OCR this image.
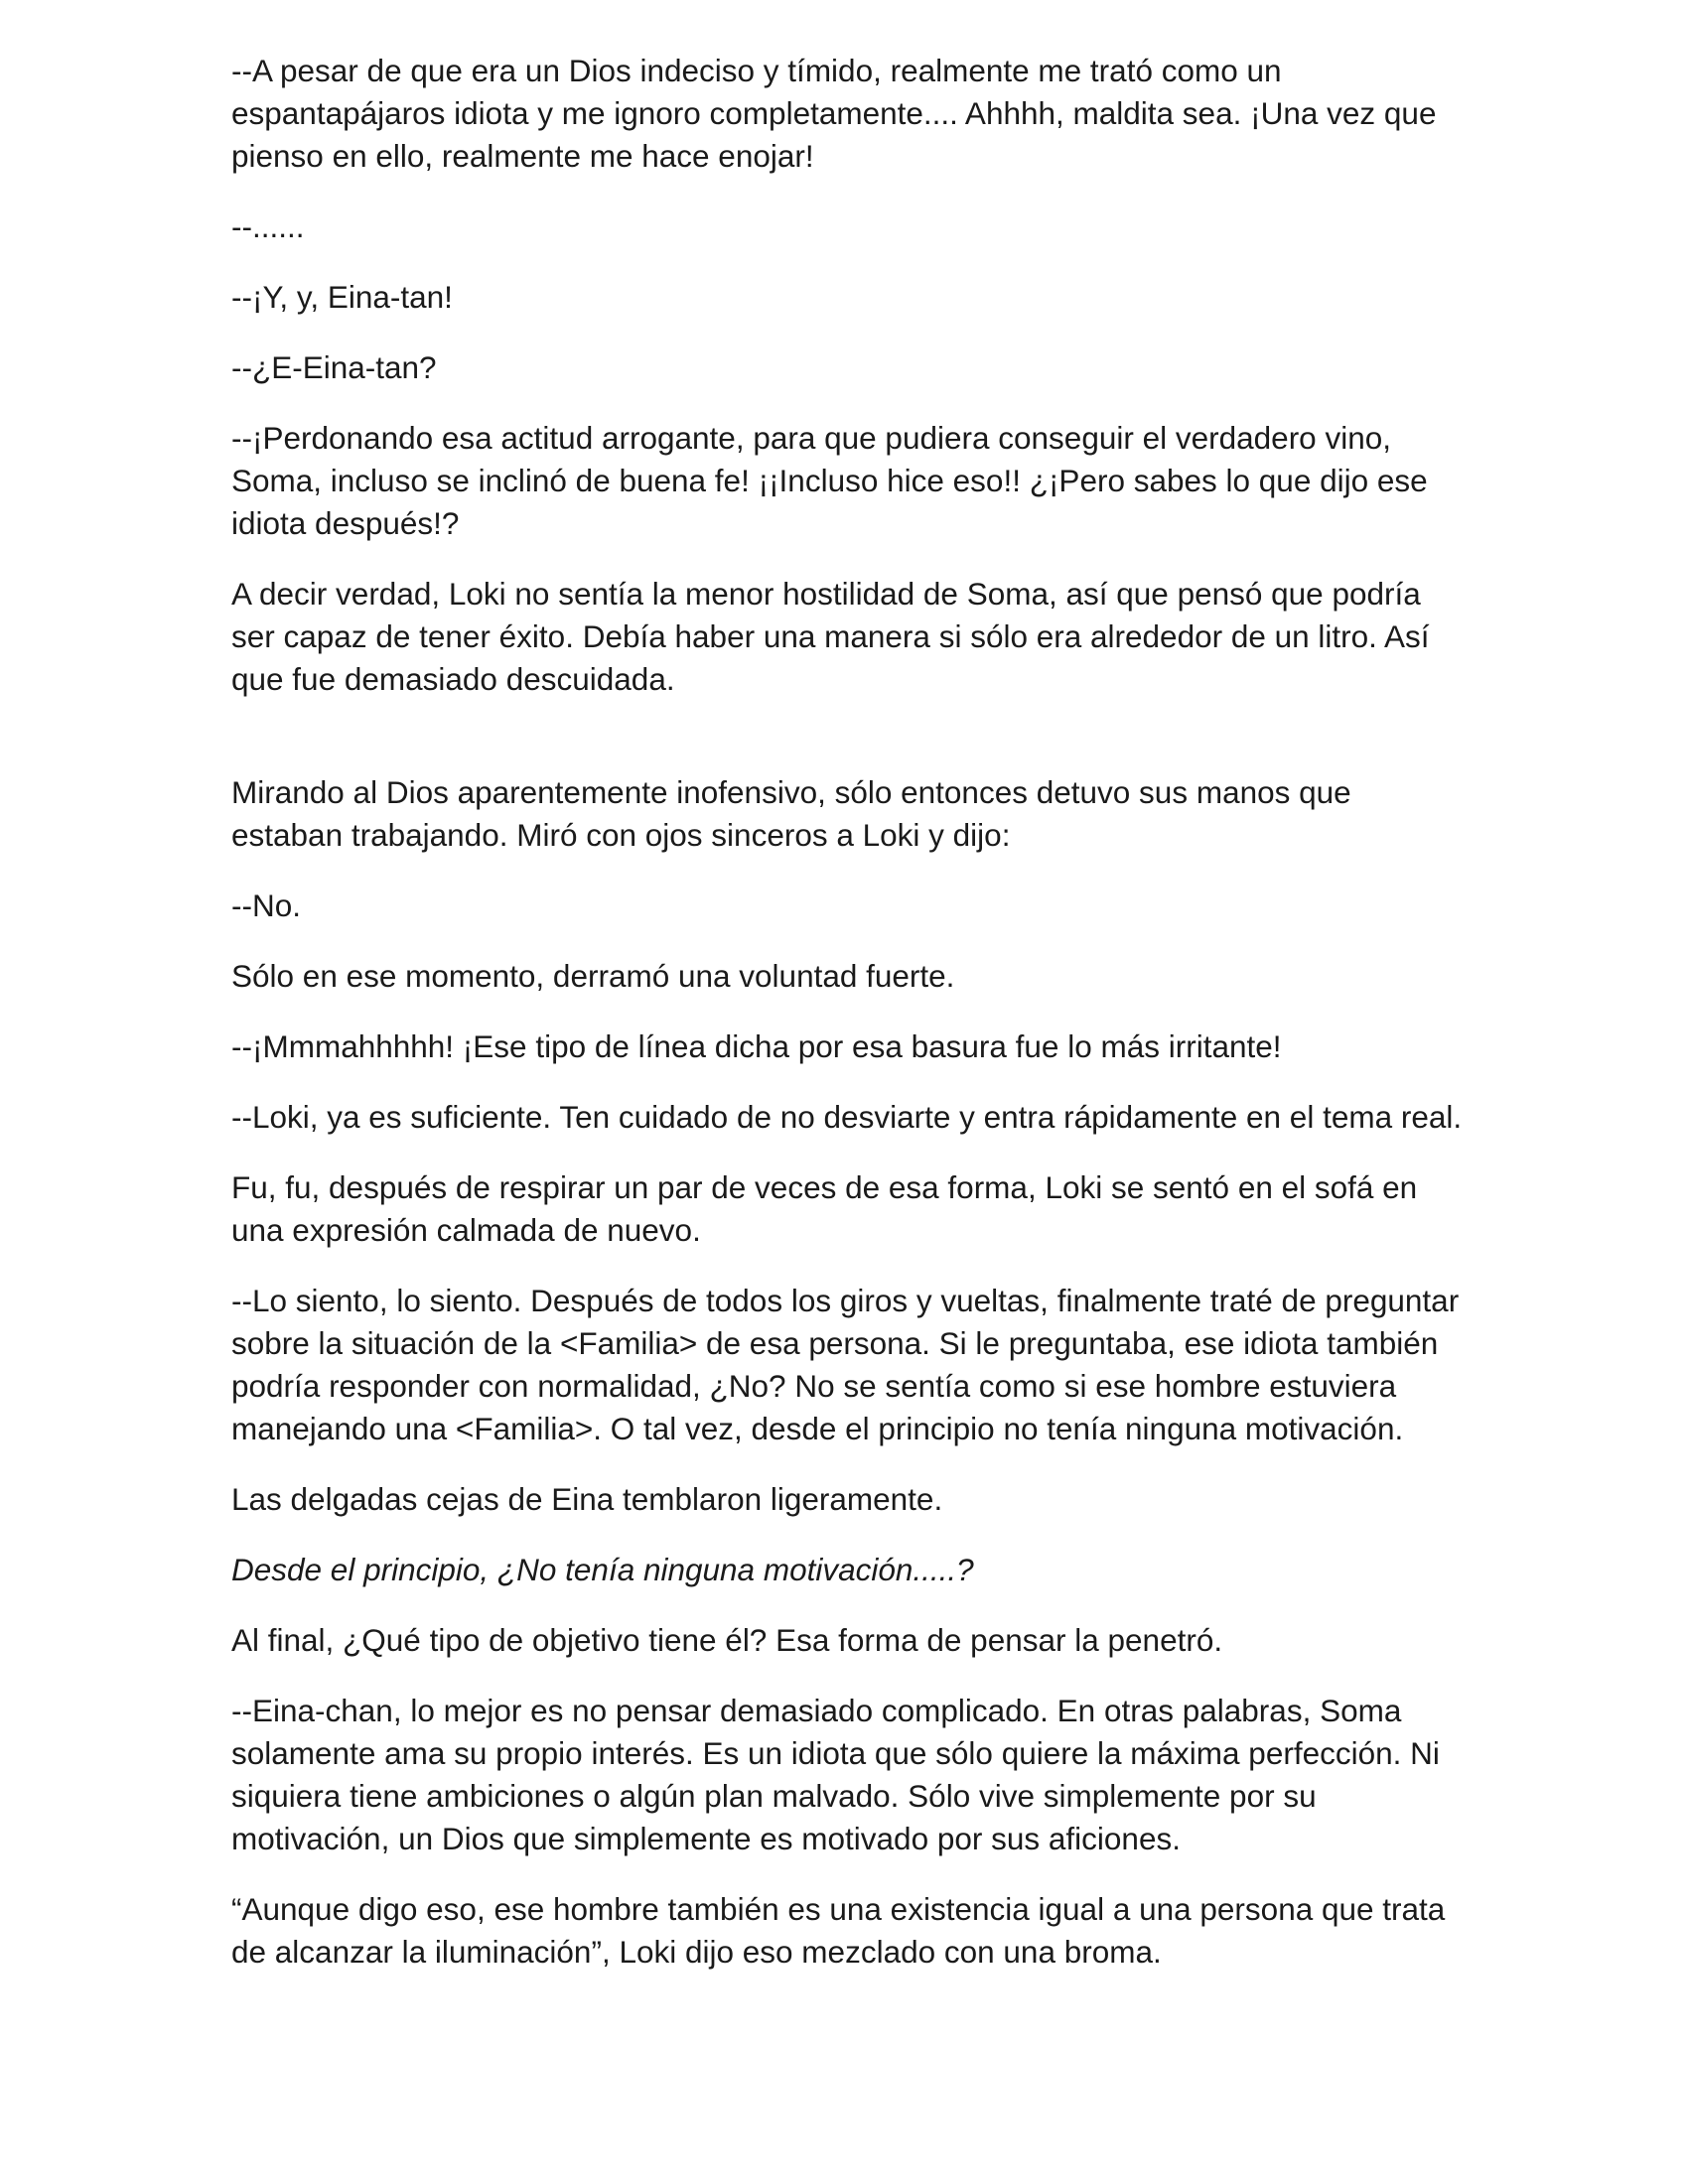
--A pesar de que era un Dios indeciso y tímido, realmente me trató como un espantapájaros idiota y me ignoro completamente.... Ahhhh, maldita sea. ¡Una vez que pienso en ello, realmente me hace enojar!

--......

--¡Y, y, Eina-tan!

--¿E-Eina-tan?

--¡Perdonando esa actitud arrogante, para que pudiera conseguir el verdadero vino, Soma, incluso se inclinó de buena fe! ¡¡Incluso hice eso!! ¿¡Pero sabes lo que dijo ese idiota después!?

A decir verdad, Loki no sentía la menor hostilidad de Soma, así que pensó que podría ser capaz de tener éxito. Debía haber una manera si sólo era alrededor de un litro. Así que fue demasiado descuidada.

Mirando al Dios aparentemente inofensivo, sólo entonces detuvo sus manos que estaban trabajando. Miró con ojos sinceros a Loki y dijo:

--No.

Sólo en ese momento, derramó una voluntad fuerte.

--¡Mmmahhhhh! ¡Ese tipo de línea dicha por esa basura fue lo más irritante!

--Loki, ya es suficiente. Ten cuidado de no desviarte y entra rápidamente en el tema real.

Fu, fu, después de respirar un par de veces de esa forma, Loki se sentó en el sofá en una expresión calmada de nuevo.

--Lo siento, lo siento. Después de todos los giros y vueltas, finalmente traté de preguntar sobre la situación de la <Familia> de esa persona. Si le preguntaba, ese idiota también podría responder con normalidad, ¿No? No se sentía como si ese hombre estuviera manejando una <Familia>. O tal vez, desde el principio no tenía ninguna motivación.

Las delgadas cejas de Eina temblaron ligeramente.

Desde el principio, ¿No tenía ninguna motivación.....?

Al final, ¿Qué tipo de objetivo tiene él? Esa forma de pensar la penetró.

--Eina-chan, lo mejor es no pensar demasiado complicado. En otras palabras, Soma solamente ama su propio interés. Es un idiota que sólo quiere la máxima perfección. Ni siquiera tiene ambiciones o algún plan malvado. Sólo vive simplemente por su motivación, un Dios que simplemente es motivado por sus aficiones.

“Aunque digo eso, ese hombre también es una existencia igual a una persona que trata de alcanzar la iluminación”, Loki dijo eso mezclado con una broma.
